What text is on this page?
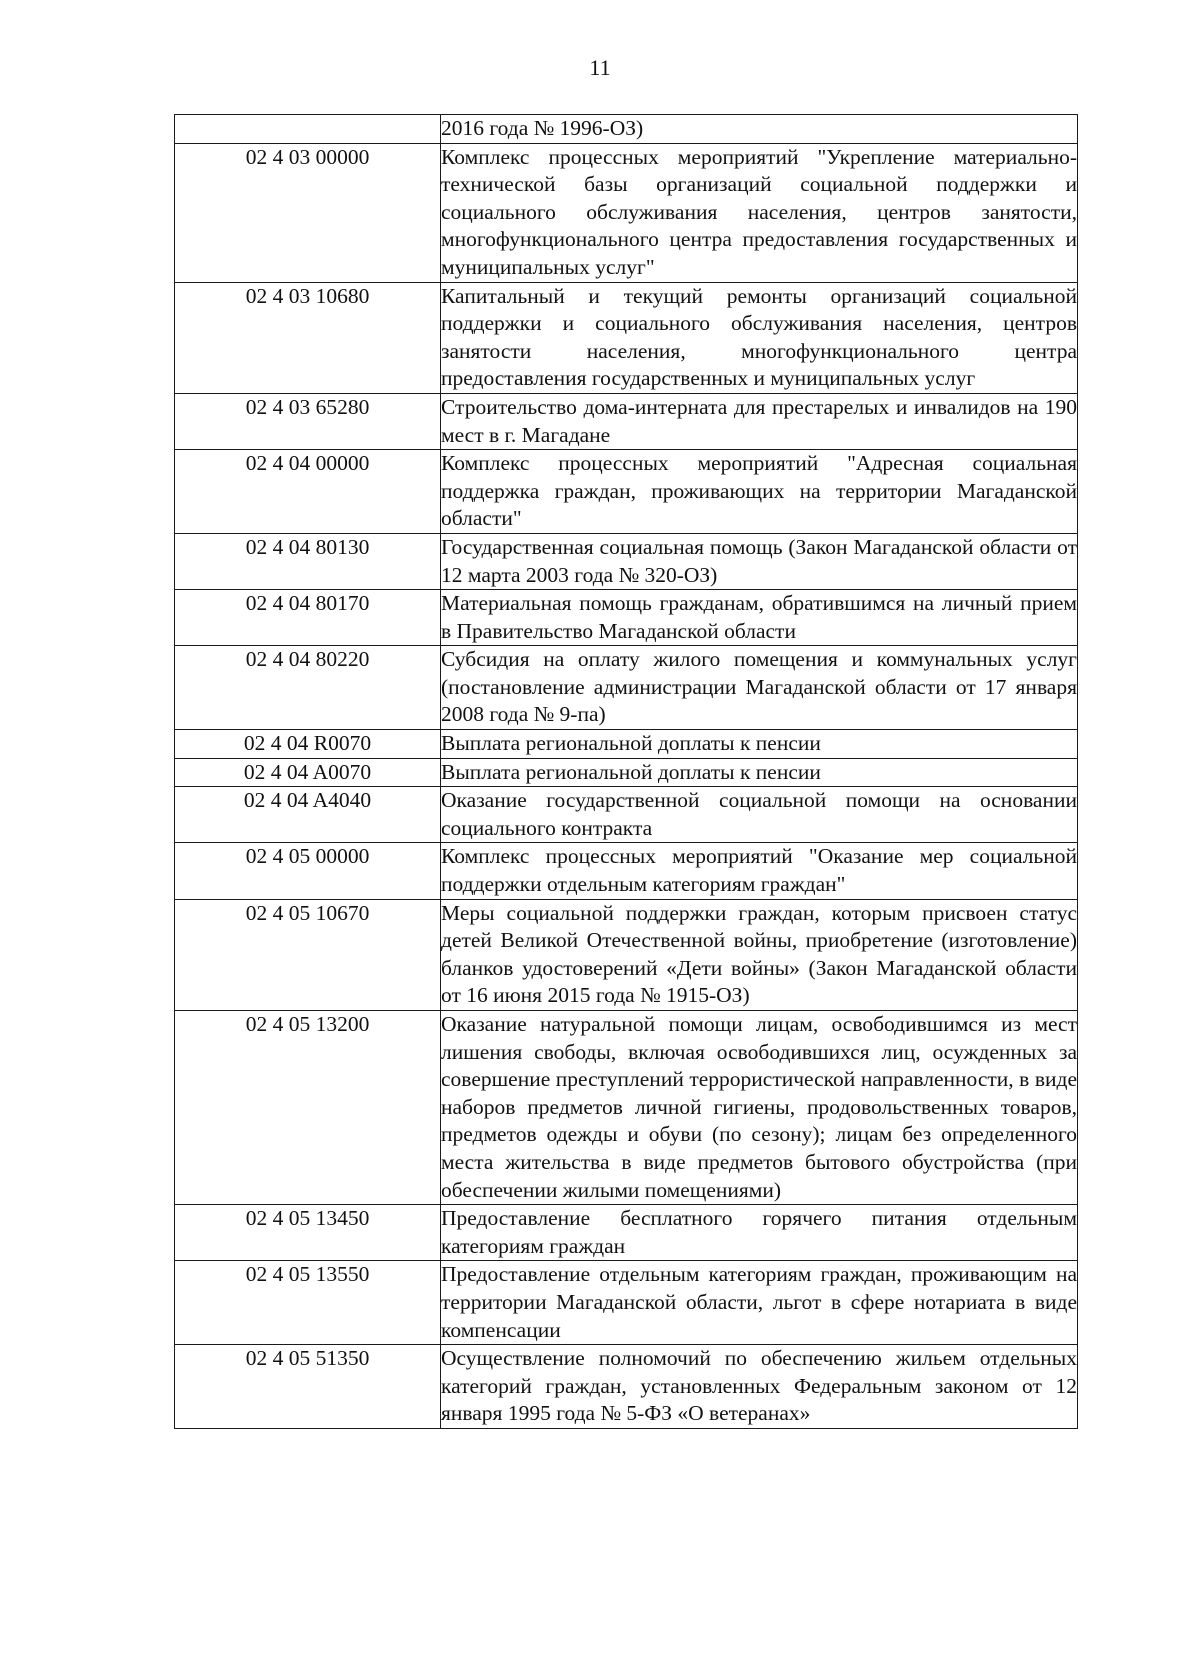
11
	2016 года № 1996-ОЗ)
02 4 03 00000	Комплекс процессных мероприятий "Укрепление материально-технической базы организаций социальной поддержки и социального обслуживания населения, центров занятости, многофункционального центра предоставления государственных и муниципальных услуг"
02 4 03 10680	Капитальный и текущий ремонты организаций социальной поддержки и социального обслуживания населения, центров занятости населения, многофункционального центра предоставления государственных и муниципальных услуг
02 4 03 65280	Строительство дома-интерната для престарелых и инвалидов на 190 мест в г. Магадане
02 4 04 00000	Комплекс процессных мероприятий "Адресная социальная поддержка граждан, проживающих на территории Магаданской области"
02 4 04 80130	Государственная социальная помощь (Закон Магаданской области от 12 марта 2003 года № 320-ОЗ)
02 4 04 80170	Материальная помощь гражданам, обратившимся на личный прием в Правительство Магаданской области
02 4 04 80220	Субсидия на оплату жилого помещения и коммунальных услуг (постановление администрации Магаданской области от 17 января 2008 года № 9-па)
02 4 04 R0070	Выплата региональной доплаты к пенсии
02 4 04 A0070	Выплата региональной доплаты к пенсии
02 4 04 A4040	Оказание государственной социальной помощи на основании социального контракта
02 4 05 00000	Комплекс процессных мероприятий "Оказание мер социальной поддержки отдельным категориям граждан"
02 4 05 10670	Меры социальной поддержки граждан, которым присвоен статус детей Великой Отечественной войны, приобретение (изготовление) бланков удостоверений «Дети войны» (Закон Магаданской области от 16 июня 2015 года № 1915-ОЗ)
02 4 05 13200	Оказание натуральной помощи лицам, освободившимся из мест лишения свободы, включая освободившихся лиц, осужденных за совершение преступлений террористической направленности, в виде наборов предметов личной гигиены, продовольственных товаров, предметов одежды и обуви (по сезону); лицам без определенного места жительства в виде предметов бытового обустройства (при обеспечении жилыми помещениями)
02 4 05 13450	Предоставление бесплатного горячего питания отдельным категориям граждан
02 4 05 13550	Предоставление отдельным категориям граждан, проживающим на территории Магаданской области, льгот в сфере нотариата в виде компенсации
02 4 05 51350	Осуществление полномочий по обеспечению жильем отдельных категорий граждан, установленных Федеральным законом от 12 января 1995 года № 5-ФЗ «О ветеранах»
